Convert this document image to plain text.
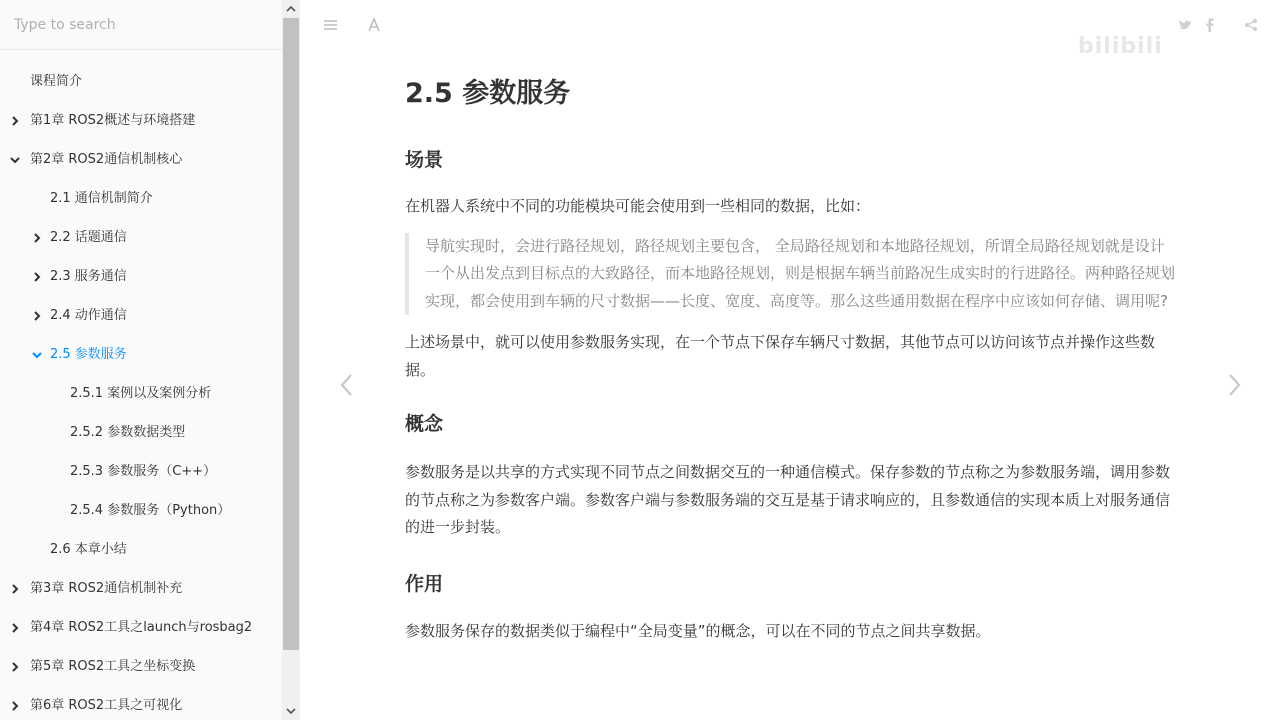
Type to search
课程简介
第1章 ROS2概述与环境搭建
第2章 ROS2通信机制核心
2.1 通信机制简介
2.2 话题通信
2.3 服务通信
2.4 动作通信
2.5 参数服务
2.5.1 案例以及案例分析
2.5.2 参数数据类型
2.5.3 参数服务（C++）
2.5.4 参数服务（Python）
2.6 本章小结
第3章 ROS2通信机制补充
第4章 ROS2工具之launch与rosbag2
第5章 ROS2工具之坐标变换
第6章 ROS2工具之可视化
bilibili
2.5 参数服务
场景

在机器人系统中不同的功能模块可能会使用到一些相同的数据，比如：

导航实现时，会进行路径规划，路径规划主要包含， 全局路径规划和本地路径规划，所谓全局路径规划就是设计一个从出发点到目标点的大致路径，而本地路径规划，则是根据车辆当前路况生成实时的行进路径。两种路径规划实现，都会使用到车辆的尺寸数据——长度、宽度、高度等。那么这些通用数据在程序中应该如何存储、调用呢?

上述场景中，就可以使用参数服务实现，在一个节点下保存车辆尺寸数据，其他节点可以访问该节点并操作这些数据。

概念

参数服务是以共享的方式实现不同节点之间数据交互的一种通信模式。保存参数的节点称之为参数服务端，调用参数的节点称之为参数客户端。参数客户端与参数服务端的交互是基于请求响应的，且参数通信的实现本质上对服务通信的进一步封装。

作用

参数服务保存的数据类似于编程中“全局变量”的概念，可以在不同的节点之间共享数据。
